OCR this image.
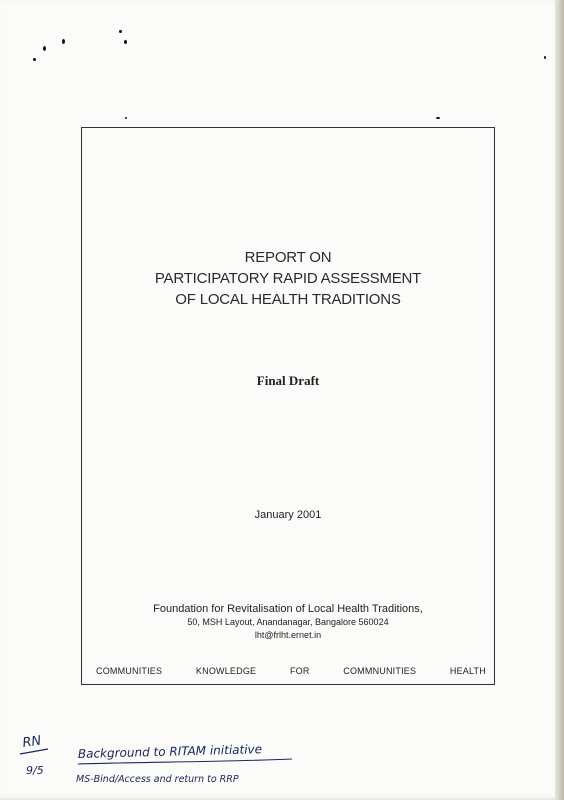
REPORT ON
PARTICIPATORY RAPID ASSESSMENT
OF LOCAL HEALTH TRADITIONS
Final Draft
January 2001
Foundation for Revitalisation of Local Health Traditions,
50, MSH Layout, Anandanagar, Bangalore 560024
lht@frlht.ernet.in
COMMUNITIES	KNOWLEDGE	FOR	COMMNUNITIES	HEALTH
RN
9/5
Background to RITAM initiative
MS-Bind/Access and return to RRP
